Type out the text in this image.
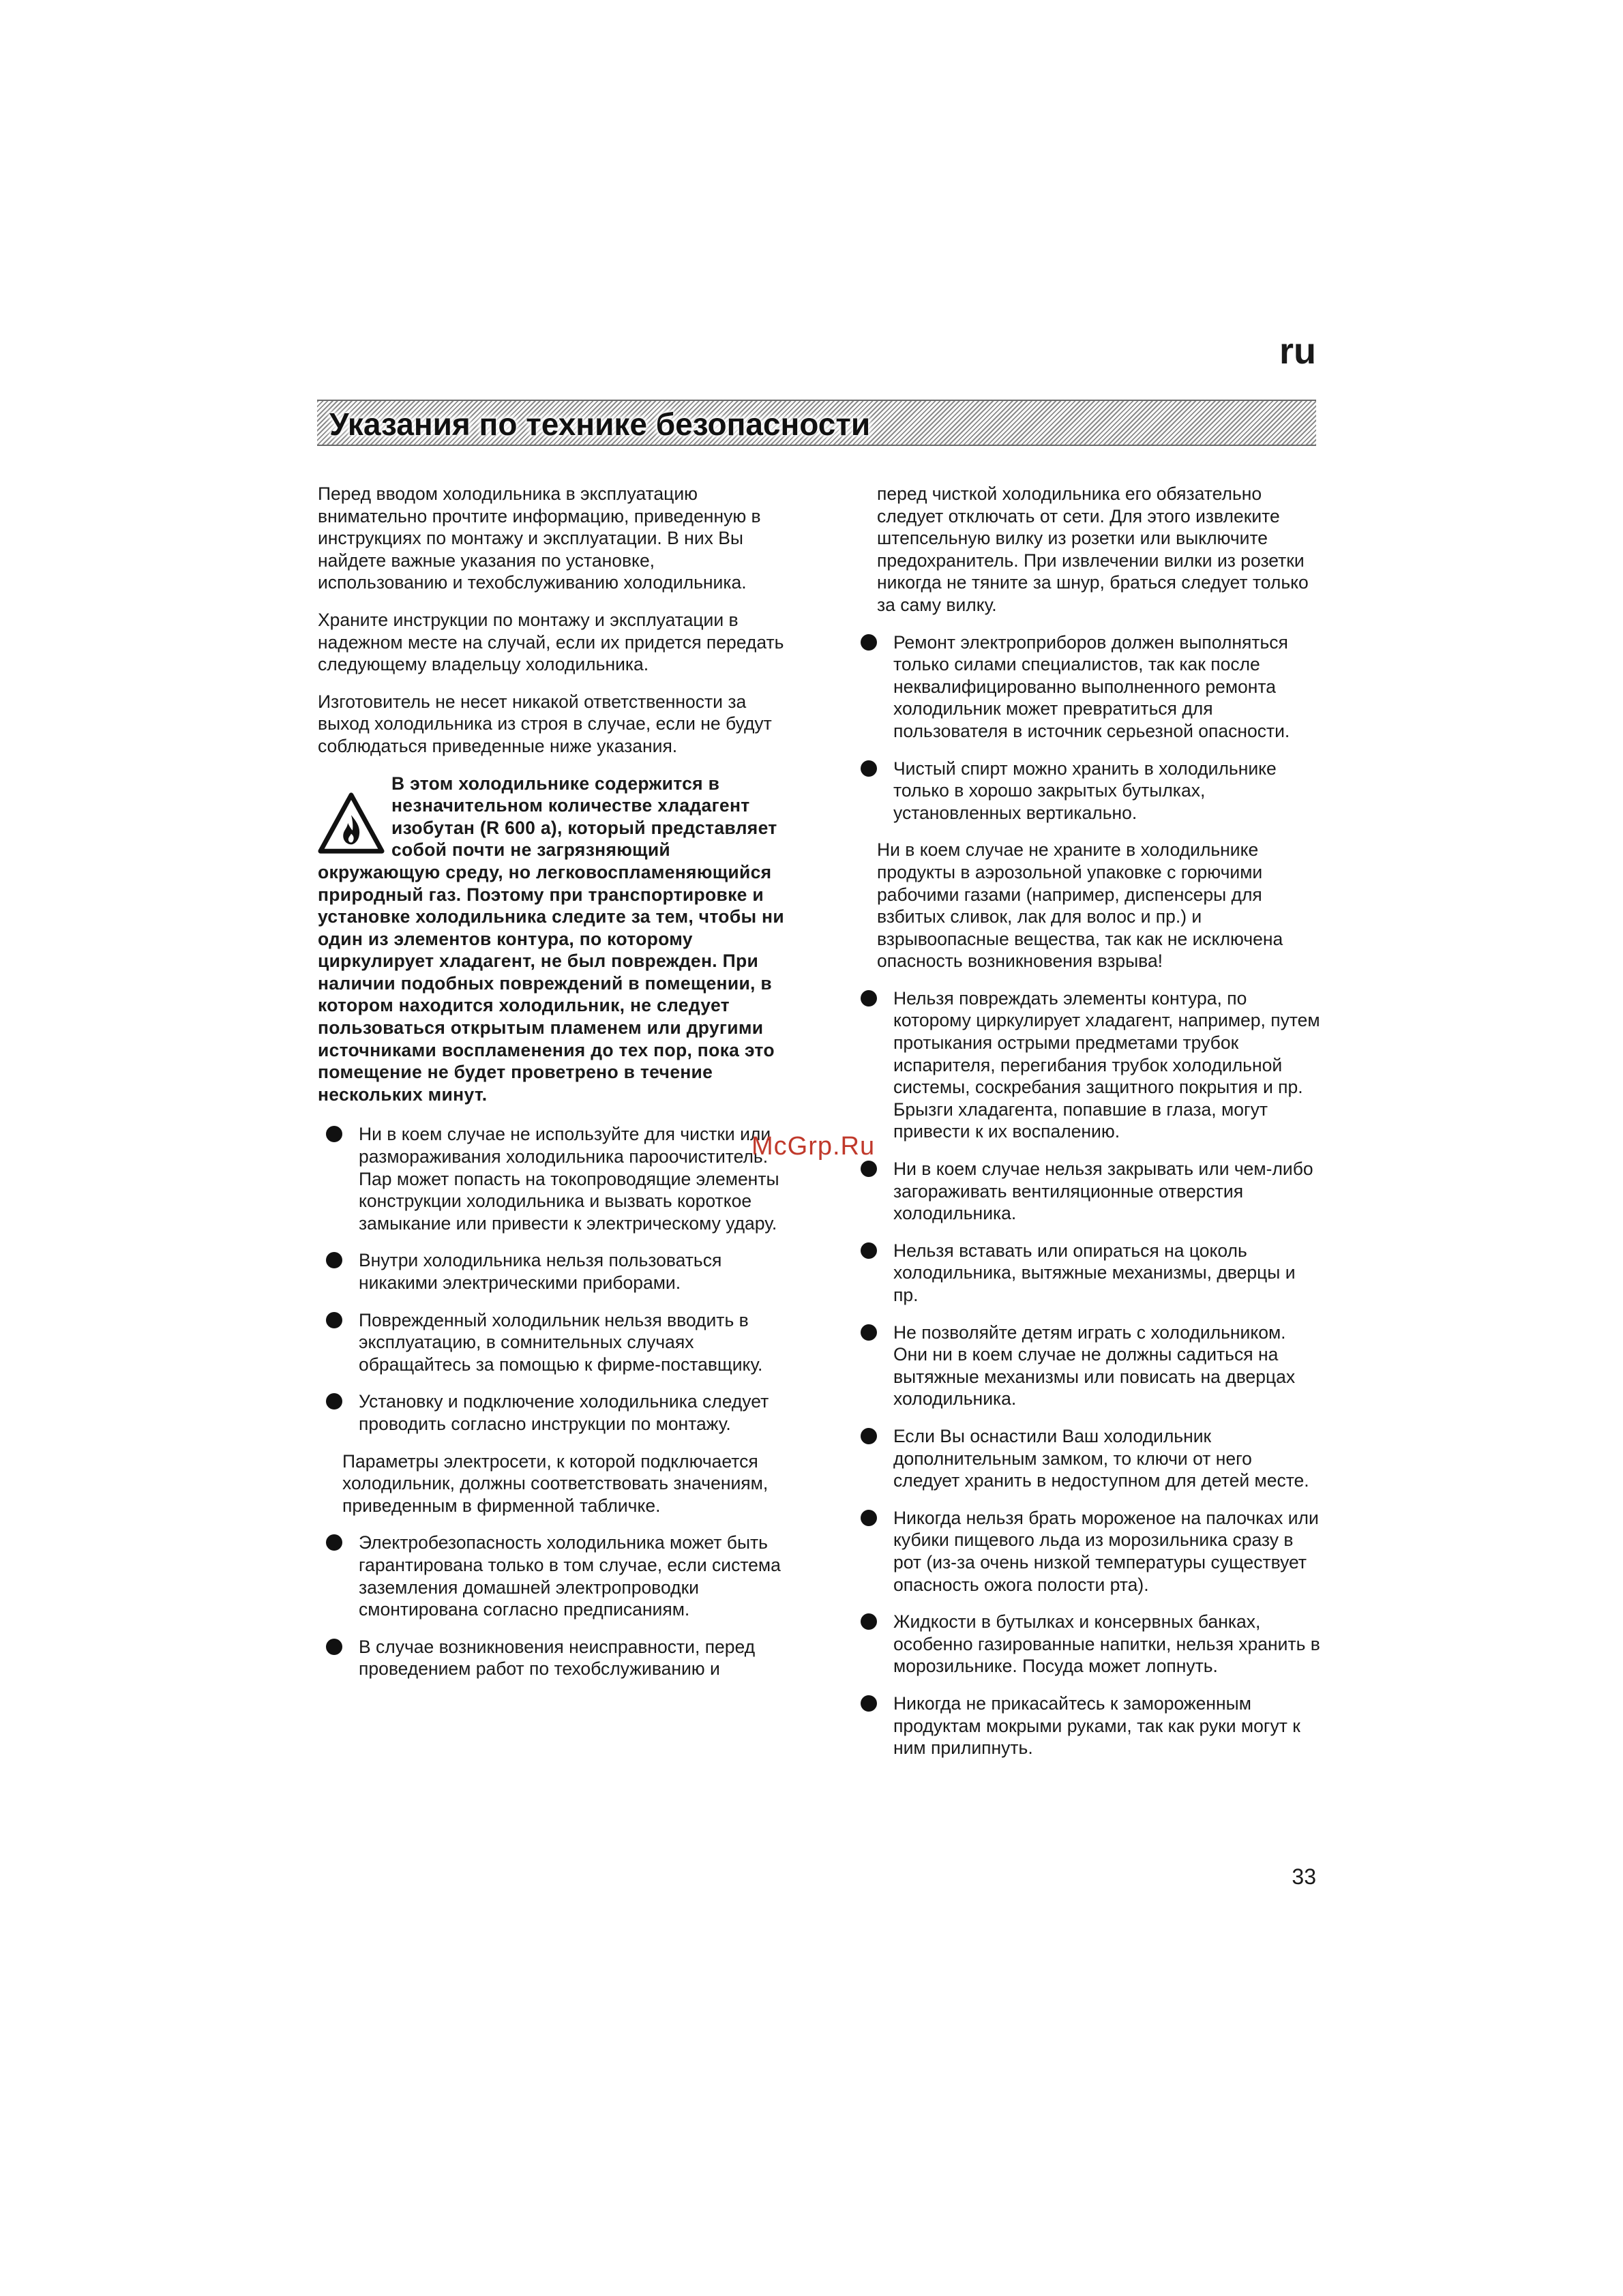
ru
Указания по технике безопасности

Перед вводом холодильника в эксплуатацию внимательно прочтите информацию, приведенную в инструкциях по монтажу и эксплуатации. В них Вы найдете важные указания по установке, использованию и техобслуживанию холодильника.

Храните инструкции по монтажу и эксплуатации в надежном месте на случай, если их придется передать следующему владельцу холодильника.

Изготовитель не несет никакой ответственности за выход холодильника из строя в случае, если не будут соблюдаться приведенные ниже указания.

В этом холодильнике содержится в незначительном количестве хладагент изобутан (R 600 a), который представляет собой почти не загрязняющий окружающую среду, но легковоспламеняющийся природный газ. Поэтому при транспортировке и установке холодильника следите за тем, чтобы ни один из элементов контура, по которому циркулирует хладагент, не был поврежден. При наличии подобных повреждений в помещении, в котором находится холодильник, не следует пользоваться открытым пламенем или другими источниками воспламенения до тех пор, пока это помещение не будет проветрено в течение нескольких минут.
Ни в коем случае не используйте для чистки или размораживания холодильника пароочиститель. Пар может попасть на токопроводящие элементы конструкции холодильника и вызвать короткое замыкание или привести к электрическому удару.
Внутри холодильника нельзя пользоваться никакими электрическими приборами.
Поврежденный холодильник нельзя вводить в эксплуатацию, в сомнительных случаях обращайтесь за помощью к фирме-поставщику.
Установку и подключение холодильника следует проводить согласно инструкции по монтажу.

Параметры электросети, к которой подключается холодильник, должны соответствовать значениям, приведенным в фирменной табличке.

Электробезопасность холодильника может быть гарантирована только в том случае, если система заземления домашней электропроводки смонтирована согласно предписаниям.
В случае возникновения неисправности, перед проведением работ по техобслуживанию и

перед чисткой холодильника его обязательно следует отключать от сети. Для этого извлеките штепсельную вилку из розетки или выключите предохранитель. При извлечении вилки из розетки никогда не тяните за шнур, браться следует только за саму вилку.

Ремонт электроприборов должен выполняться только силами специалистов, так как после неквалифицированно выполненного ремонта холодильник может превратиться для пользователя в источник серьезной опасности.
Чистый спирт можно хранить в холодильнике только в хорошо закрытых бутылках, установленных вертикально.

Ни в коем случае не храните в холодильнике продукты в аэрозольной упаковке с горючими рабочими газами (например, диспенсеры для взбитых сливок, лак для волос и пр.) и взрывоопасные вещества, так как не исключена опасность возникновения взрыва!

Нельзя повреждать элементы контура, по которому циркулирует хладагент, например, путем протыкания острыми предметами трубок испарителя, перегибания трубок холодильной системы, соскребания защитного покрытия и пр. Брызги хладагента, попавшие в глаза, могут привести к их воспалению.
Ни в коем случае нельзя закрывать или чем-либо загораживать вентиляционные отверстия холодильника.
Нельзя вставать или опираться на цоколь холодильника, вытяжные механизмы, дверцы и пр.
Не позволяйте детям играть с холодильником. Они ни в коем случае не должны садиться на вытяжные механизмы или повисать на дверцах холодильника.
Если Вы оснастили Ваш холодильник дополнительным замком, то ключи от него следует хранить в недоступном для детей месте.
Никогда нельзя брать мороженое на палочках или кубики пищевого льда из морозильника сразу в рот (из-за очень низкой температуры существует опасность ожога полости рта).
Жидкости в бутылках и консервных банках, особенно газированные напитки, нельзя хранить в морозильнике. Посуда может лопнуть.
Никогда не прикасайтесь к замороженным продуктам мокрыми руками, так как руки могут к ним прилипнуть.
McGrp.Ru
33
